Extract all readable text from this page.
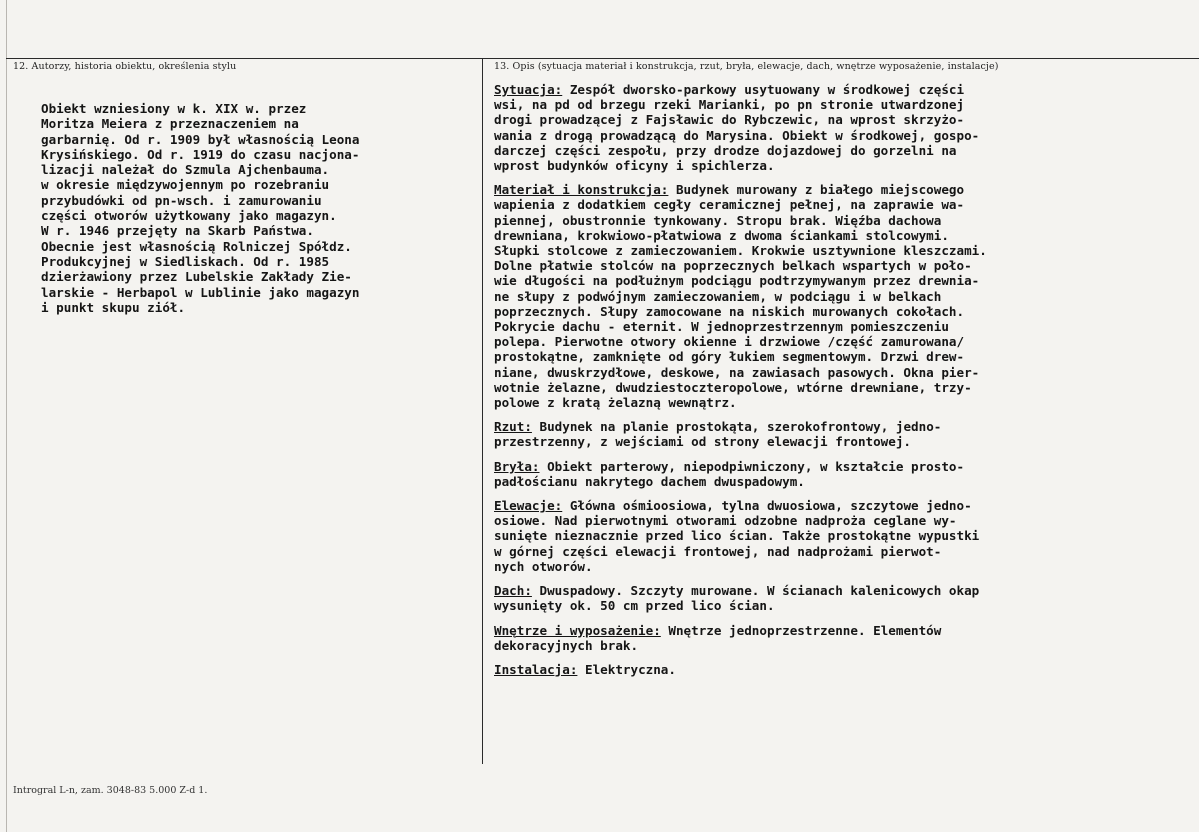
12. Autorzy, historia obiektu, określenia stylu	13. Opis (sytuacja materiał i konstrukcja, rzut, bryła, elewacje, dach, wnętrze wyposażenie, instalacje)
Obiekt wzniesiony w k. XIX w. przez
Moritza Meiera z przeznaczeniem na
garbarnię. Od r. 1909 był własnością Leona
Krysińskiego. Od r. 1919 do czasu nacjona-
lizacji należał do Szmula Ajchenbauma.
w okresie międzywojennym po rozebraniu
przybudówki od pn-wsch. i zamurowaniu
części otworów użytkowany jako magazyn.
W r. 1946 przejęty na Skarb Państwa.
Obecnie jest własnością Rolniczej Spółdz.
Produkcyjnej w Siedliskach. Od r. 1985
dzierżawiony przez Lubelskie Zakłady Zie-
larskie - Herbapol w Lublinie jako magazyn
i punkt skupu ziół.
Sytuacja: Zespół dworsko-parkowy usytuowany w środkowej części
wsi, na pd od brzegu rzeki Marianki, po pn stronie utwardzonej
drogi prowadzącej z Fajsławic do Rybczewic, na wprost skrzyżo-
wania z drogą prowadzącą do Marysina. Obiekt w środkowej, gospo-
darczej części zespołu, przy drodze dojazdowej do gorzelni na
wprost budynków oficyny i spichlerza.
Materiał i konstrukcja: Budynek murowany z białego miejscowego
wapienia z dodatkiem cegły ceramicznej pełnej, na zaprawie wa-
piennej, obustronnie tynkowany. Stropu brak. Więźba dachowa
drewniana, krokwiowo-płatwiowa z dwoma ściankami stolcowymi.
Słupki stolcowe z zamieczowaniem. Krokwie usztywnione kleszczami.
Dolne płatwie stolców na poprzecznych belkach wspartych w poło-
wie długości na podłużnym podciągu podtrzymywanym przez drewnia-
ne słupy z podwójnym zamieczowaniem, w podciągu i w belkach
poprzecznych. Słupy zamocowane na niskich murowanych cokołach.
Pokrycie dachu - eternit. W jednoprzestrzennym pomieszczeniu
polepa. Pierwotne otwory okienne i drzwiowe /część zamurowana/
prostokątne, zamknięte od góry łukiem segmentowym. Drzwi drew-
niane, dwuskrzydłowe, deskowe, na zawiasach pasowych. Okna pier-
wotnie żelazne, dwudziestoczteropolowe, wtórne drewniane, trzy-
polowe z kratą żelazną wewnątrz.
Rzut: Budynek na planie prostokąta, szerokofrontowy, jedno-
przestrzenny, z wejściami od strony elewacji frontowej.
Bryła: Obiekt parterowy, niepodpiwniczony, w kształcie prosto-
padłościanu nakrytego dachem dwuspadowym.
Elewacje: Główna ośmioosiowa, tylna dwuosiowa, szczytowe jedno-
osiowe. Nad pierwotnymi otworami odzobne nadproża ceglane wy-
sunięte nieznacznie przed lico ścian. Także prostokątne wypustki
w górnej części elewacji frontowej, nad nadprożami pierwot-
nych otworów.
Dach: Dwuspadowy. Szczyty murowane. W ścianach kalenicowych okap
wysunięty ok. 50 cm przed lico ścian.
Wnętrze i wyposażenie: Wnętrze jednoprzestrzenne. Elementów
dekoracyjnych brak.
Instalacja: Elektryczna.
Introgral L-n, zam. 3048-83 5.000 Z-d 1.
